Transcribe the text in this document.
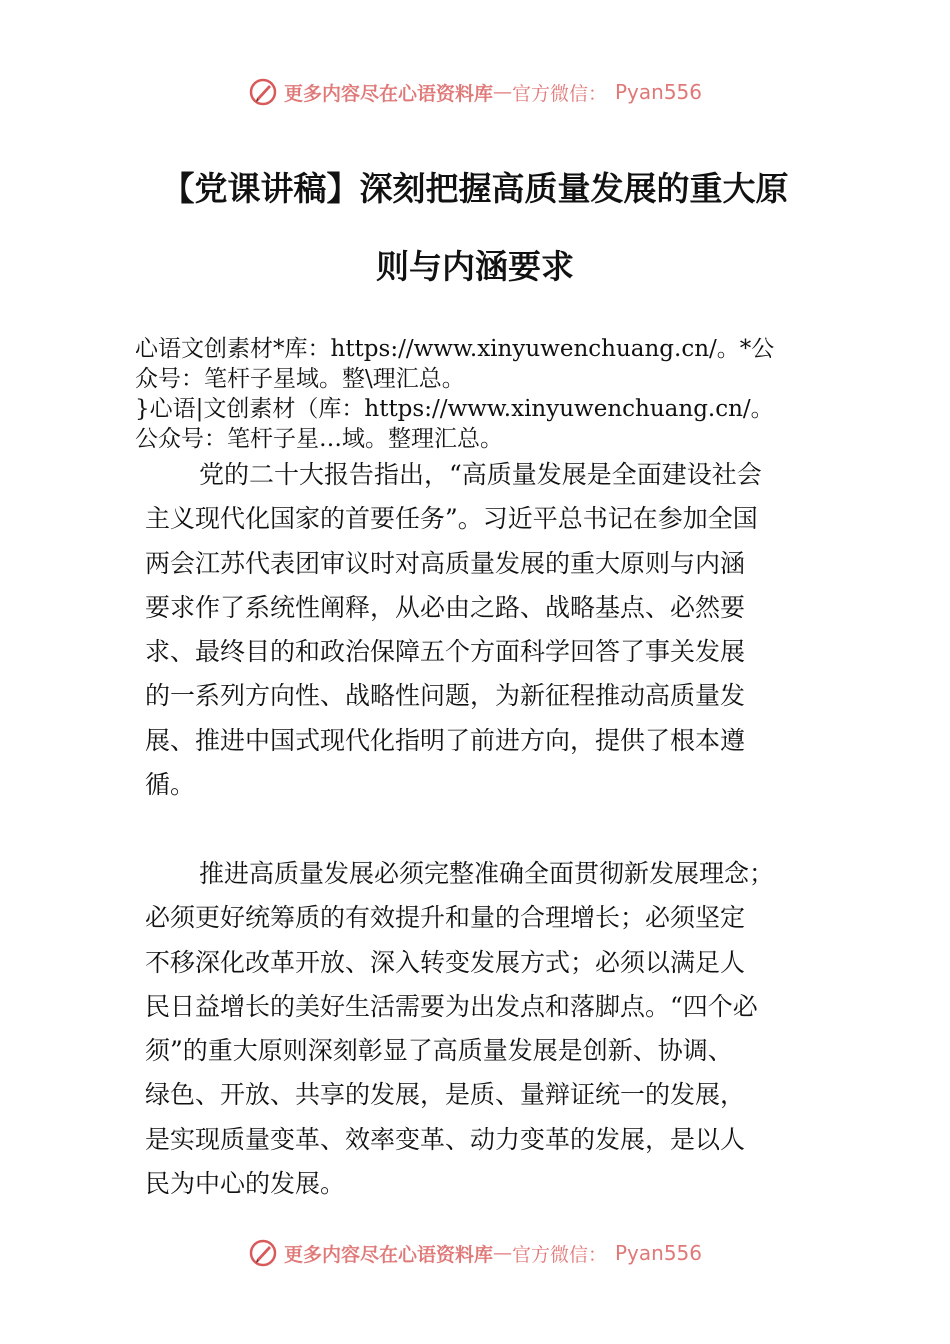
更多内容尽在心语资料库 — 官方微信： Pyan556
【党课讲稿】深刻把握高质量发展的重大原
则与内涵要求
心语文创素材*库：https://www.xinyuwenchuang.cn/。*公
众号：笔杆子星域。整\理汇总。
}心语|文创素材（库：https://www.xinyuwenchuang.cn/。
公众号：笔杆子星…域。整理汇总。
党的二十大报告指出，“高质量发展是全面建设社会
主义现代化国家的首要任务”。习近平总书记在参加全国
两会江苏代表团审议时对高质量发展的重大原则与内涵
要求作了系统性阐释，从必由之路、战略基点、必然要
求、最终目的和政治保障五个方面科学回答了事关发展
的一系列方向性、战略性问题，为新征程推动高质量发
展、推进中国式现代化指明了前进方向，提供了根本遵
循。
推进高质量发展必须完整准确全面贯彻新发展理念；
必须更好统筹质的有效提升和量的合理增长；必须坚定
不移深化改革开放、深入转变发展方式；必须以满足人
民日益增长的美好生活需要为出发点和落脚点。“四个必
须”的重大原则深刻彰显了高质量发展是创新、协调、
绿色、开放、共享的发展，是质、量辩证统一的发展，
是实现质量变革、效率变革、动力变革的发展，是以人
民为中心的发展。
更多内容尽在心语资料库 — 官方微信： Pyan556
